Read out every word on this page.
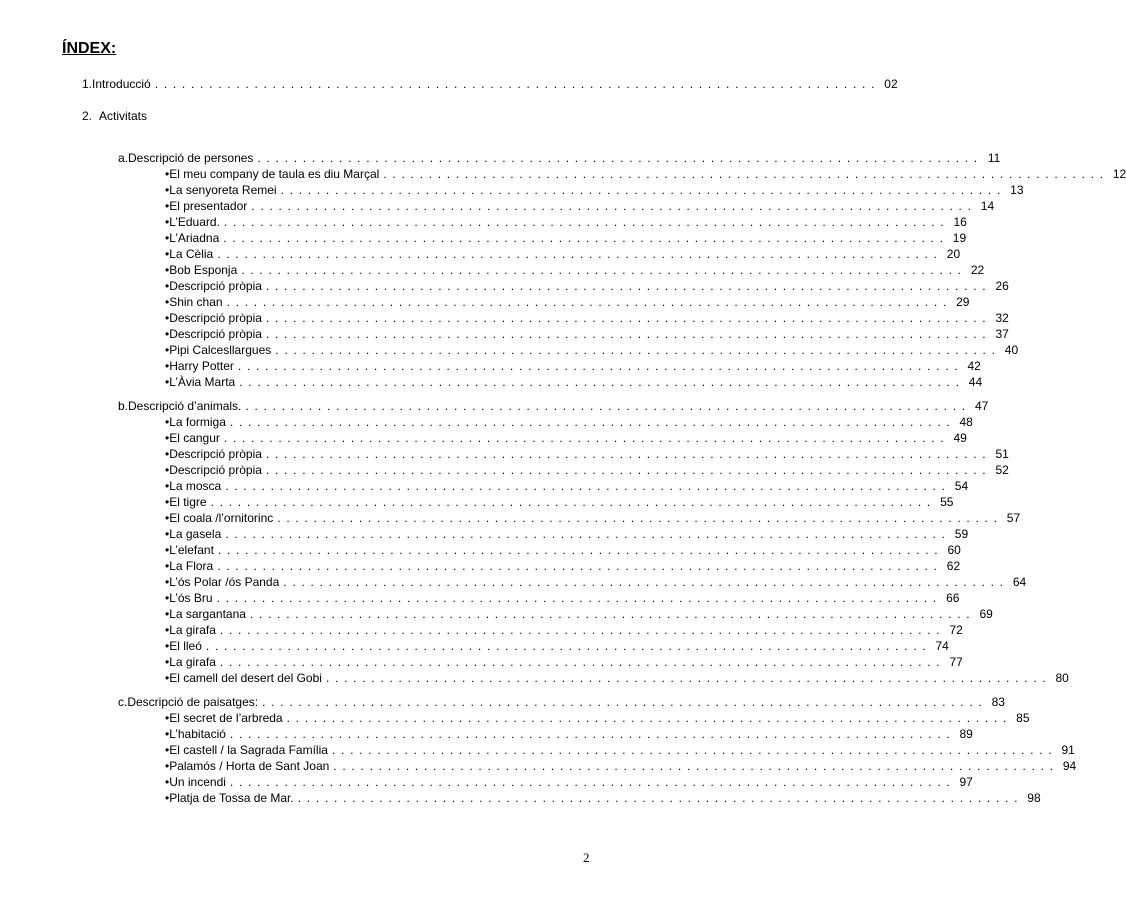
ÍNDEX:
1. Introducció . . . . . . . . . . . . . . . . . . . . . . . . . . . . . . . . . . . . . . . . . . . . . . . . . . . . . . . . . . . . . . . . . . . . . . . . . . . . . . . . 02
2. Activitats
a. Descripció de persones . . . . . . . . . . . . . . . . . . . . . . . . . . . . . . . . . . . . . . . . . . . . . . . . . . . . . . . . . . . . . . . . . . . . . . . . . . . . . . . . 11
• El meu company de taula es diu Marçal . . . . . . . . . . . . . . . . . . . . . . . . . . . . . . . . . . . . . . . . . . . . . . . . . . . . . . . . . . . . . . . . . . . . . . . . . . . . . . . . 12
• La senyoreta Remei . . . . . . . . . . . . . . . . . . . . . . . . . . . . . . . . . . . . . . . . . . . . . . . . . . . . . . . . . . . . . . . . . . . . . . . . . . . . . . . . 13
• El presentador . . . . . . . . . . . . . . . . . . . . . . . . . . . . . . . . . . . . . . . . . . . . . . . . . . . . . . . . . . . . . . . . . . . . . . . . . . . . . . . . 14
• L’Eduard. . . . . . . . . . . . . . . . . . . . . . . . . . . . . . . . . . . . . . . . . . . . . . . . . . . . . . . . . . . . . . . . . . . . . . . . . . . . . . . . . 16
• L’Ariadna . . . . . . . . . . . . . . . . . . . . . . . . . . . . . . . . . . . . . . . . . . . . . . . . . . . . . . . . . . . . . . . . . . . . . . . . . . . . . . . . 19
• La Cèlia . . . . . . . . . . . . . . . . . . . . . . . . . . . . . . . . . . . . . . . . . . . . . . . . . . . . . . . . . . . . . . . . . . . . . . . . . . . . . . . . 20
• Bob Esponja . . . . . . . . . . . . . . . . . . . . . . . . . . . . . . . . . . . . . . . . . . . . . . . . . . . . . . . . . . . . . . . . . . . . . . . . . . . . . . . . 22
• Descripció pròpia . . . . . . . . . . . . . . . . . . . . . . . . . . . . . . . . . . . . . . . . . . . . . . . . . . . . . . . . . . . . . . . . . . . . . . . . . . . . . . . . 26
• Shin chan . . . . . . . . . . . . . . . . . . . . . . . . . . . . . . . . . . . . . . . . . . . . . . . . . . . . . . . . . . . . . . . . . . . . . . . . . . . . . . . . 29
• Descripció pròpia . . . . . . . . . . . . . . . . . . . . . . . . . . . . . . . . . . . . . . . . . . . . . . . . . . . . . . . . . . . . . . . . . . . . . . . . . . . . . . . . 32
• Descripció pròpia . . . . . . . . . . . . . . . . . . . . . . . . . . . . . . . . . . . . . . . . . . . . . . . . . . . . . . . . . . . . . . . . . . . . . . . . . . . . . . . . 37
• Pipi Calcesllargues . . . . . . . . . . . . . . . . . . . . . . . . . . . . . . . . . . . . . . . . . . . . . . . . . . . . . . . . . . . . . . . . . . . . . . . . . . . . . . . . 40
• Harry Potter . . . . . . . . . . . . . . . . . . . . . . . . . . . . . . . . . . . . . . . . . . . . . . . . . . . . . . . . . . . . . . . . . . . . . . . . . . . . . . . . 42
• L’Àvia Marta . . . . . . . . . . . . . . . . . . . . . . . . . . . . . . . . . . . . . . . . . . . . . . . . . . . . . . . . . . . . . . . . . . . . . . . . . . . . . . . . 44
b. Descripció d’animals. . . . . . . . . . . . . . . . . . . . . . . . . . . . . . . . . . . . . . . . . . . . . . . . . . . . . . . . . . . . . . . . . . . . . . . . . . . . . . . . . 47
• La formiga . . . . . . . . . . . . . . . . . . . . . . . . . . . . . . . . . . . . . . . . . . . . . . . . . . . . . . . . . . . . . . . . . . . . . . . . . . . . . . . . 48
• El cangur . . . . . . . . . . . . . . . . . . . . . . . . . . . . . . . . . . . . . . . . . . . . . . . . . . . . . . . . . . . . . . . . . . . . . . . . . . . . . . . . 49
• Descripció pròpia . . . . . . . . . . . . . . . . . . . . . . . . . . . . . . . . . . . . . . . . . . . . . . . . . . . . . . . . . . . . . . . . . . . . . . . . . . . . . . . . 51
• Descripció pròpia . . . . . . . . . . . . . . . . . . . . . . . . . . . . . . . . . . . . . . . . . . . . . . . . . . . . . . . . . . . . . . . . . . . . . . . . . . . . . . . . 52
• La mosca . . . . . . . . . . . . . . . . . . . . . . . . . . . . . . . . . . . . . . . . . . . . . . . . . . . . . . . . . . . . . . . . . . . . . . . . . . . . . . . . 54
• El tigre . . . . . . . . . . . . . . . . . . . . . . . . . . . . . . . . . . . . . . . . . . . . . . . . . . . . . . . . . . . . . . . . . . . . . . . . . . . . . . . . 55
• El coala /l’ornitorinc . . . . . . . . . . . . . . . . . . . . . . . . . . . . . . . . . . . . . . . . . . . . . . . . . . . . . . . . . . . . . . . . . . . . . . . . . . . . . . . . 57
• La gasela . . . . . . . . . . . . . . . . . . . . . . . . . . . . . . . . . . . . . . . . . . . . . . . . . . . . . . . . . . . . . . . . . . . . . . . . . . . . . . . . 59
• L’elefant . . . . . . . . . . . . . . . . . . . . . . . . . . . . . . . . . . . . . . . . . . . . . . . . . . . . . . . . . . . . . . . . . . . . . . . . . . . . . . . . 60
• La Flora . . . . . . . . . . . . . . . . . . . . . . . . . . . . . . . . . . . . . . . . . . . . . . . . . . . . . . . . . . . . . . . . . . . . . . . . . . . . . . . . 62
• L’ós Polar /ós Panda . . . . . . . . . . . . . . . . . . . . . . . . . . . . . . . . . . . . . . . . . . . . . . . . . . . . . . . . . . . . . . . . . . . . . . . . . . . . . . . . 64
• L’ós Bru . . . . . . . . . . . . . . . . . . . . . . . . . . . . . . . . . . . . . . . . . . . . . . . . . . . . . . . . . . . . . . . . . . . . . . . . . . . . . . . . 66
• La sargantana . . . . . . . . . . . . . . . . . . . . . . . . . . . . . . . . . . . . . . . . . . . . . . . . . . . . . . . . . . . . . . . . . . . . . . . . . . . . . . . . 69
• La girafa . . . . . . . . . . . . . . . . . . . . . . . . . . . . . . . . . . . . . . . . . . . . . . . . . . . . . . . . . . . . . . . . . . . . . . . . . . . . . . . . 72
• El lleó . . . . . . . . . . . . . . . . . . . . . . . . . . . . . . . . . . . . . . . . . . . . . . . . . . . . . . . . . . . . . . . . . . . . . . . . . . . . . . . . 74
• La girafa . . . . . . . . . . . . . . . . . . . . . . . . . . . . . . . . . . . . . . . . . . . . . . . . . . . . . . . . . . . . . . . . . . . . . . . . . . . . . . . . 77
• El camell del desert del Gobi . . . . . . . . . . . . . . . . . . . . . . . . . . . . . . . . . . . . . . . . . . . . . . . . . . . . . . . . . . . . . . . . . . . . . . . . . . . . . . . . 80
c. Descripció de paisatges: . . . . . . . . . . . . . . . . . . . . . . . . . . . . . . . . . . . . . . . . . . . . . . . . . . . . . . . . . . . . . . . . . . . . . . . . . . . . . . . . 83
• El secret de l’arbreda . . . . . . . . . . . . . . . . . . . . . . . . . . . . . . . . . . . . . . . . . . . . . . . . . . . . . . . . . . . . . . . . . . . . . . . . . . . . . . . . 85
• L’habitació . . . . . . . . . . . . . . . . . . . . . . . . . . . . . . . . . . . . . . . . . . . . . . . . . . . . . . . . . . . . . . . . . . . . . . . . . . . . . . . . 89
• El castell / la Sagrada Família . . . . . . . . . . . . . . . . . . . . . . . . . . . . . . . . . . . . . . . . . . . . . . . . . . . . . . . . . . . . . . . . . . . . . . . . . . . . . . . . 91
• Palamós / Horta de Sant Joan . . . . . . . . . . . . . . . . . . . . . . . . . . . . . . . . . . . . . . . . . . . . . . . . . . . . . . . . . . . . . . . . . . . . . . . . . . . . . . . . 94
• Un incendi . . . . . . . . . . . . . . . . . . . . . . . . . . . . . . . . . . . . . . . . . . . . . . . . . . . . . . . . . . . . . . . . . . . . . . . . . . . . . . . . 97
• Platja de Tossa de Mar. . . . . . . . . . . . . . . . . . . . . . . . . . . . . . . . . . . . . . . . . . . . . . . . . . . . . . . . . . . . . . . . . . . . . . . . . . . . . . . . . 98
2
